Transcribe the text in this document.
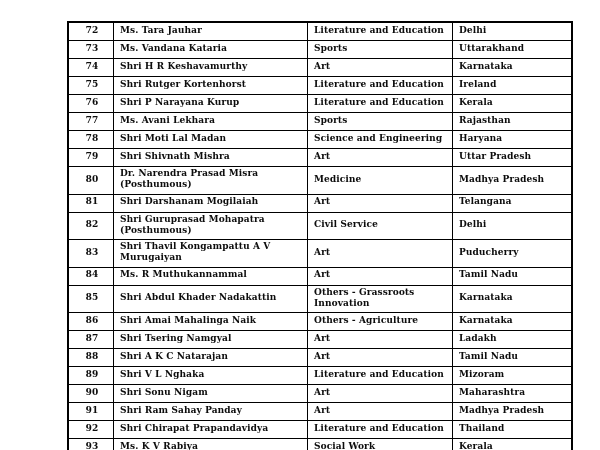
72	Ms. Tara Jauhar	Literature and Education	Delhi
73	Ms. Vandana Kataria	Sports	Uttarakhand
74	Shri H R Keshavamurthy	Art	Karnataka
75	Shri Rutger Kortenhorst	Literature and Education	Ireland
76	Shri P Narayana Kurup	Literature and Education	Kerala
77	Ms. Avani Lekhara	Sports	Rajasthan
78	Shri Moti Lal Madan	Science and Engineering	Haryana
79	Shri Shivnath Mishra	Art	Uttar Pradesh
80	Dr. Narendra Prasad Misra (Posthumous)	Medicine	Madhya Pradesh
81	Shri Darshanam Mogilaiah	Art	Telangana
82	Shri Guruprasad Mohapatra (Posthumous)	Civil Service	Delhi
83	Shri Thavil Kongampattu A V Murugaiyan	Art	Puducherry
84	Ms. R Muthukannammal	Art	Tamil Nadu
85	Shri Abdul Khader Nadakattin	Others - Grassroots Innovation	Karnataka
86	Shri Amai Mahalinga Naik	Others - Agriculture	Karnataka
87	Shri Tsering Namgyal	Art	Ladakh
88	Shri A K C Natarajan	Art	Tamil Nadu
89	Shri V L Nghaka	Literature and Education	Mizoram
90	Shri Sonu Nigam	Art	Maharashtra
91	Shri Ram Sahay Panday	Art	Madhya Pradesh
92	Shri Chirapat Prapandavidya	Literature and Education	Thailand
93	Ms. K V Rabiya	Social Work	Kerala
